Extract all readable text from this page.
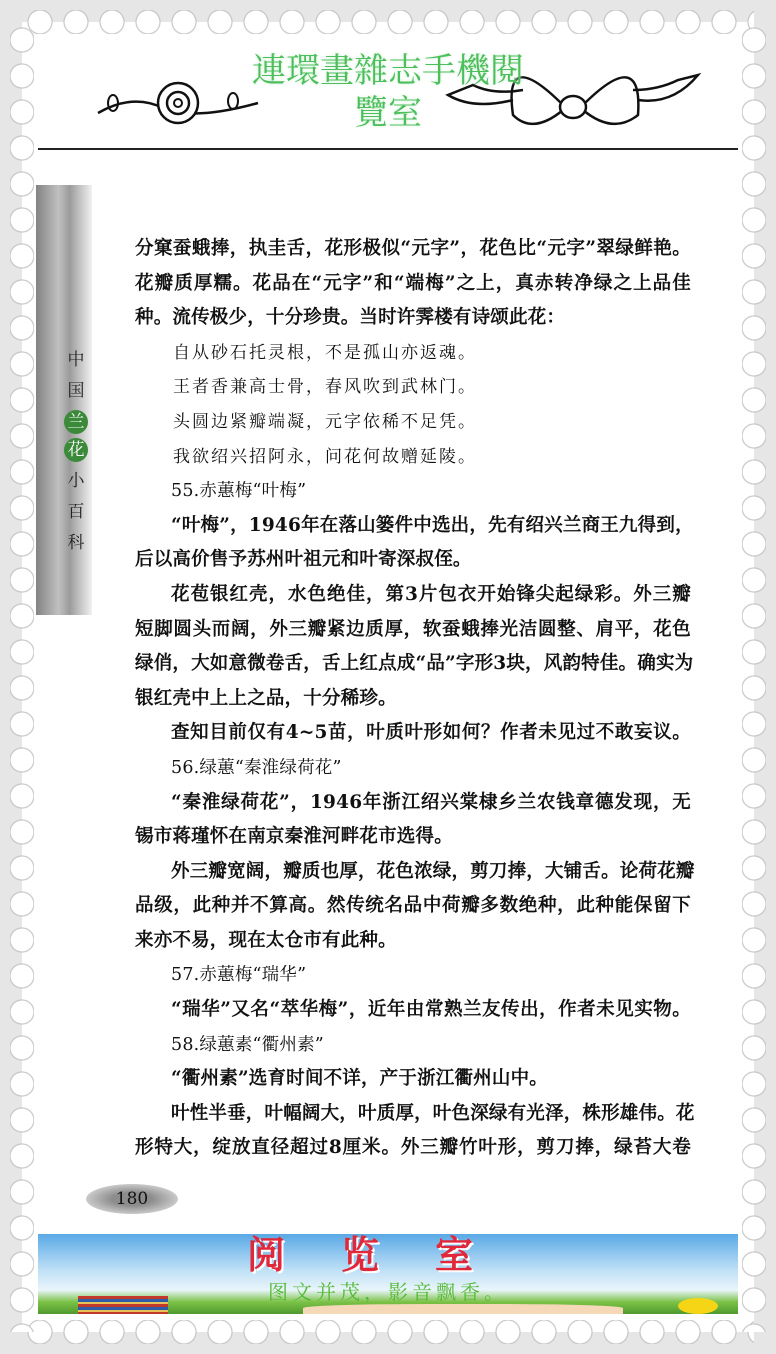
連環畫雜志手機閱
覽室
中
国
兰
花
小
百
科
分窠蚕蛾捧，执圭舌，花形极似“元字”，花色比“元字”翠绿鲜艳。
花瓣质厚糯。花品在“元字”和“端梅”之上，真赤转净绿之上品佳
种。流传极少，十分珍贵。当时许霁楼有诗颂此花：
自从砂石托灵根，不是孤山亦返魂。
王者香兼高士骨，春风吹到武林门。
头圆边紧瓣端凝，元字依稀不足凭。
我欲绍兴招阿永，问花何故赠延陵。
55.赤蕙梅“叶梅”
“叶梅”，1946年在落山篓件中选出，先有绍兴兰商王九得到，
后以高价售予苏州叶祖元和叶寄深叔侄。
花苞银红壳，水色绝佳，第3片包衣开始锋尖起绿彩。外三瓣
短脚圆头而阔，外三瓣紧边质厚，软蚕蛾捧光洁圆整、肩平，花色
绿俏，大如意微卷舌，舌上红点成“品”字形3块，风韵特佳。确实为
银红壳中上上之品，十分稀珍。
查知目前仅有4~5苗，叶质叶形如何？作者未见过不敢妄议。
56.绿蕙“秦淮绿荷花”
“秦淮绿荷花”，1946年浙江绍兴棠棣乡兰农钱章德发现，无
锡市蒋瑾怀在南京秦淮河畔花市选得。
外三瓣宽阔，瓣质也厚，花色浓绿，剪刀捧，大铺舌。论荷花瓣
品级，此种并不算高。然传统名品中荷瓣多数绝种，此种能保留下
来亦不易，现在太仓市有此种。
57.赤蕙梅“瑞华”
“瑞华”又名“萃华梅”，近年由常熟兰友传出，作者未见实物。
58.绿蕙素“衢州素”
“衢州素”选育时间不详，产于浙江衢州山中。
叶性半垂，叶幅阔大，叶质厚，叶色深绿有光泽，株形雄伟。花
形特大，绽放直径超过8厘米。外三瓣竹叶形，剪刀捧，绿苔大卷
180
阅览室
图文并茂，影音飘香。
